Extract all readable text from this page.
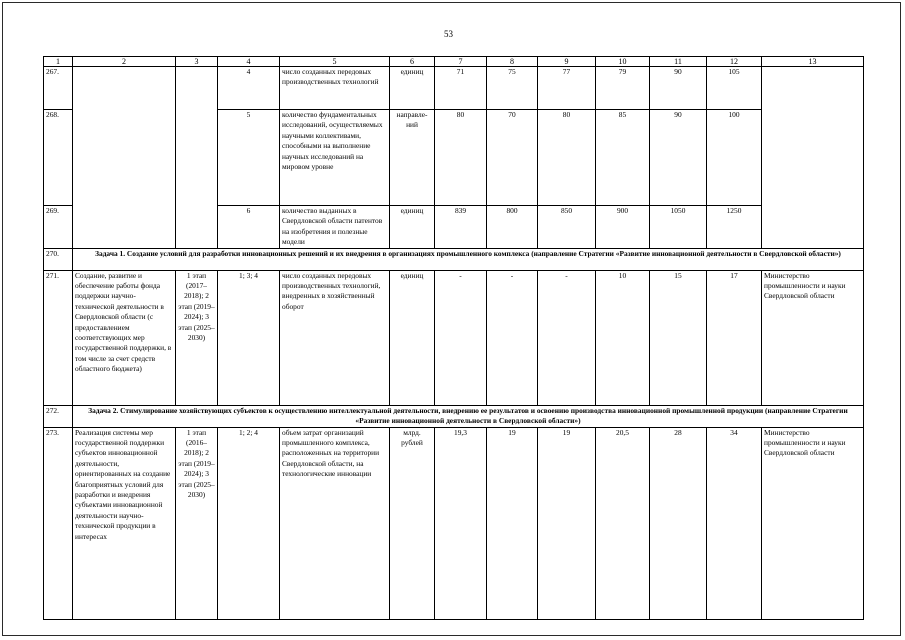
53
1	2	3	4	5	6	7	8	9	10	11	12	13
267.			4	число созданных передовых производственных технологий	единиц	71	75	77	79	90	105	
268.			5	количество фундаментальных исследований, осуществляемых научными коллективами, способными на выполнение научных исследований на мировом уровне	направле-ний	80	70	80	85	90	100	
269.			6	количество выданных в Свердловской области патентов на изобретения и полезные модели	единиц	839	800	850	900	1050	1250	
270.	Задача 1. Создание условий для разработки инновационных решений и их внедрения в организациях промышленного комплекса (направление Стратегии «Развитие инновационной деятельности в Свердловской области»)											
271.	Создание, развитие и обеспечение работы фонда поддержки научно-технической деятельности в Свердловской области (с предоставлением соответствующих мер государственной поддержки, в том числе за счет средств областного бюджета)	1 этап (2017–2018); 2 этап (2019–2024); 3 этап (2025–2030)	1; 3; 4	число созданных передовых производственных технологий, внедренных в хозяйственный оборот	единиц	-	-	-	10	15	17	Министерство промышленности и науки Свердловской области
272.	Задача 2. Стимулирование хозяйствующих субъектов к осуществлению интеллектуальной деятельности, внедрению ее результатов и освоению производства инновационной промышленной продукции (направление Стратегии «Развитие инновационной деятельности в Свердловской области»)											
273.	Реализация системы мер государственной поддержки субъектов инновационной деятельности, ориентированных на создание благоприятных условий для разработки и внедрения субъектами инновационной деятельности научно-технической продукции в интересах	1 этап (2016–2018); 2 этап (2019–2024); 3 этап (2025–2030)	1; 2; 4	объем затрат организаций промышленного комплекса, расположенных на территории Свердловской области, на технологические инновации	млрд. рублей	19,3	19	19	20,5	28	34	Министерство промышленности и науки Свердловской области
